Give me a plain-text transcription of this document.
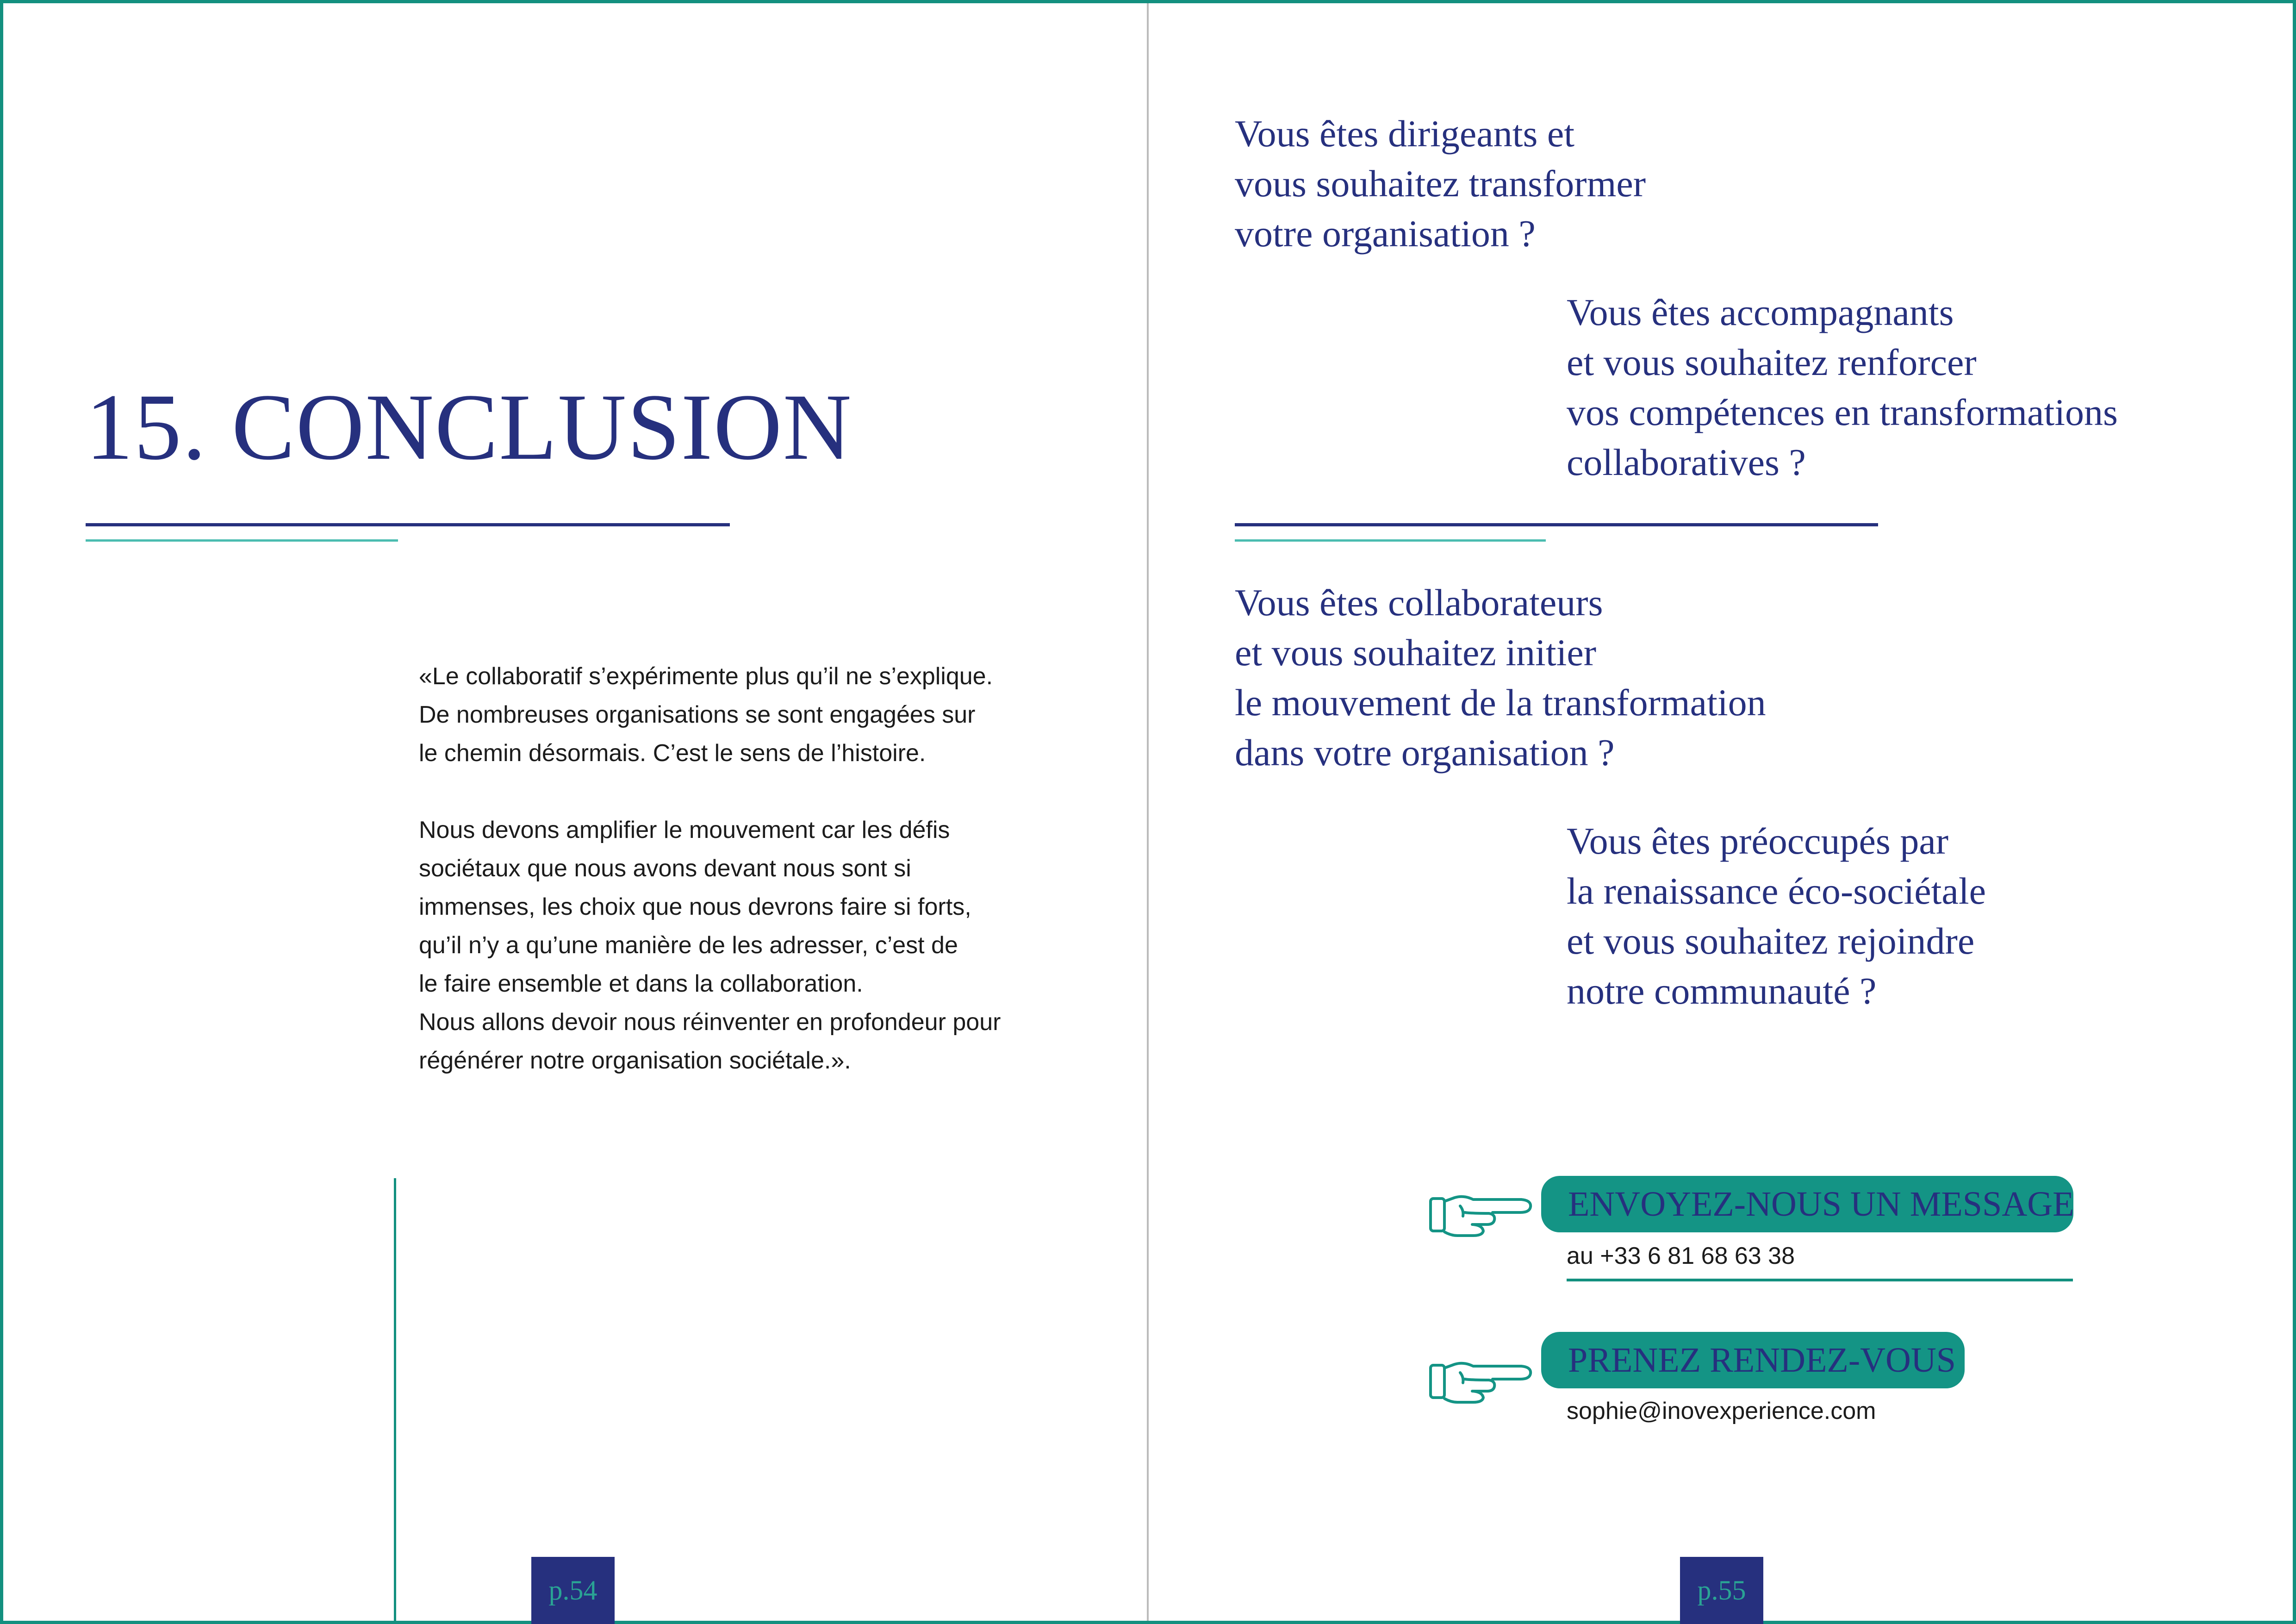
15. CONCLUSION

«Le collaboratif s’expérimente plus qu’il ne s’explique.
De nombreuses organisations se sont engagées sur
le chemin désormais. C’est le sens de l’histoire.

Nous devons amplifier le mouvement car les défis
sociétaux que nous avons devant nous sont si
immenses, les choix que nous devrons faire si forts,
qu’il n’y a qu’une manière de les adresser, c’est de
le faire ensemble et dans la collaboration.
Nous allons devoir nous réinventer en profondeur pour
régénérer notre organisation sociétale.».

p.54

Vous êtes dirigeants et
vous souhaitez transformer
votre organisation ?

Vous êtes accompagnants
et vous souhaitez renforcer
vos compétences en transformations
collaboratives ?

Vous êtes collaborateurs
et vous souhaitez initier
le mouvement de la transformation
dans votre organisation ?

Vous êtes préoccupés par
la renaissance éco-sociétale
et vous souhaitez rejoindre
notre communauté ?

ENVOYEZ-NOUS UN MESSAGE
au +33 6 81 68 63 38
PRENEZ RENDEZ-VOUS
sophie@inovexperience.com
p.55
